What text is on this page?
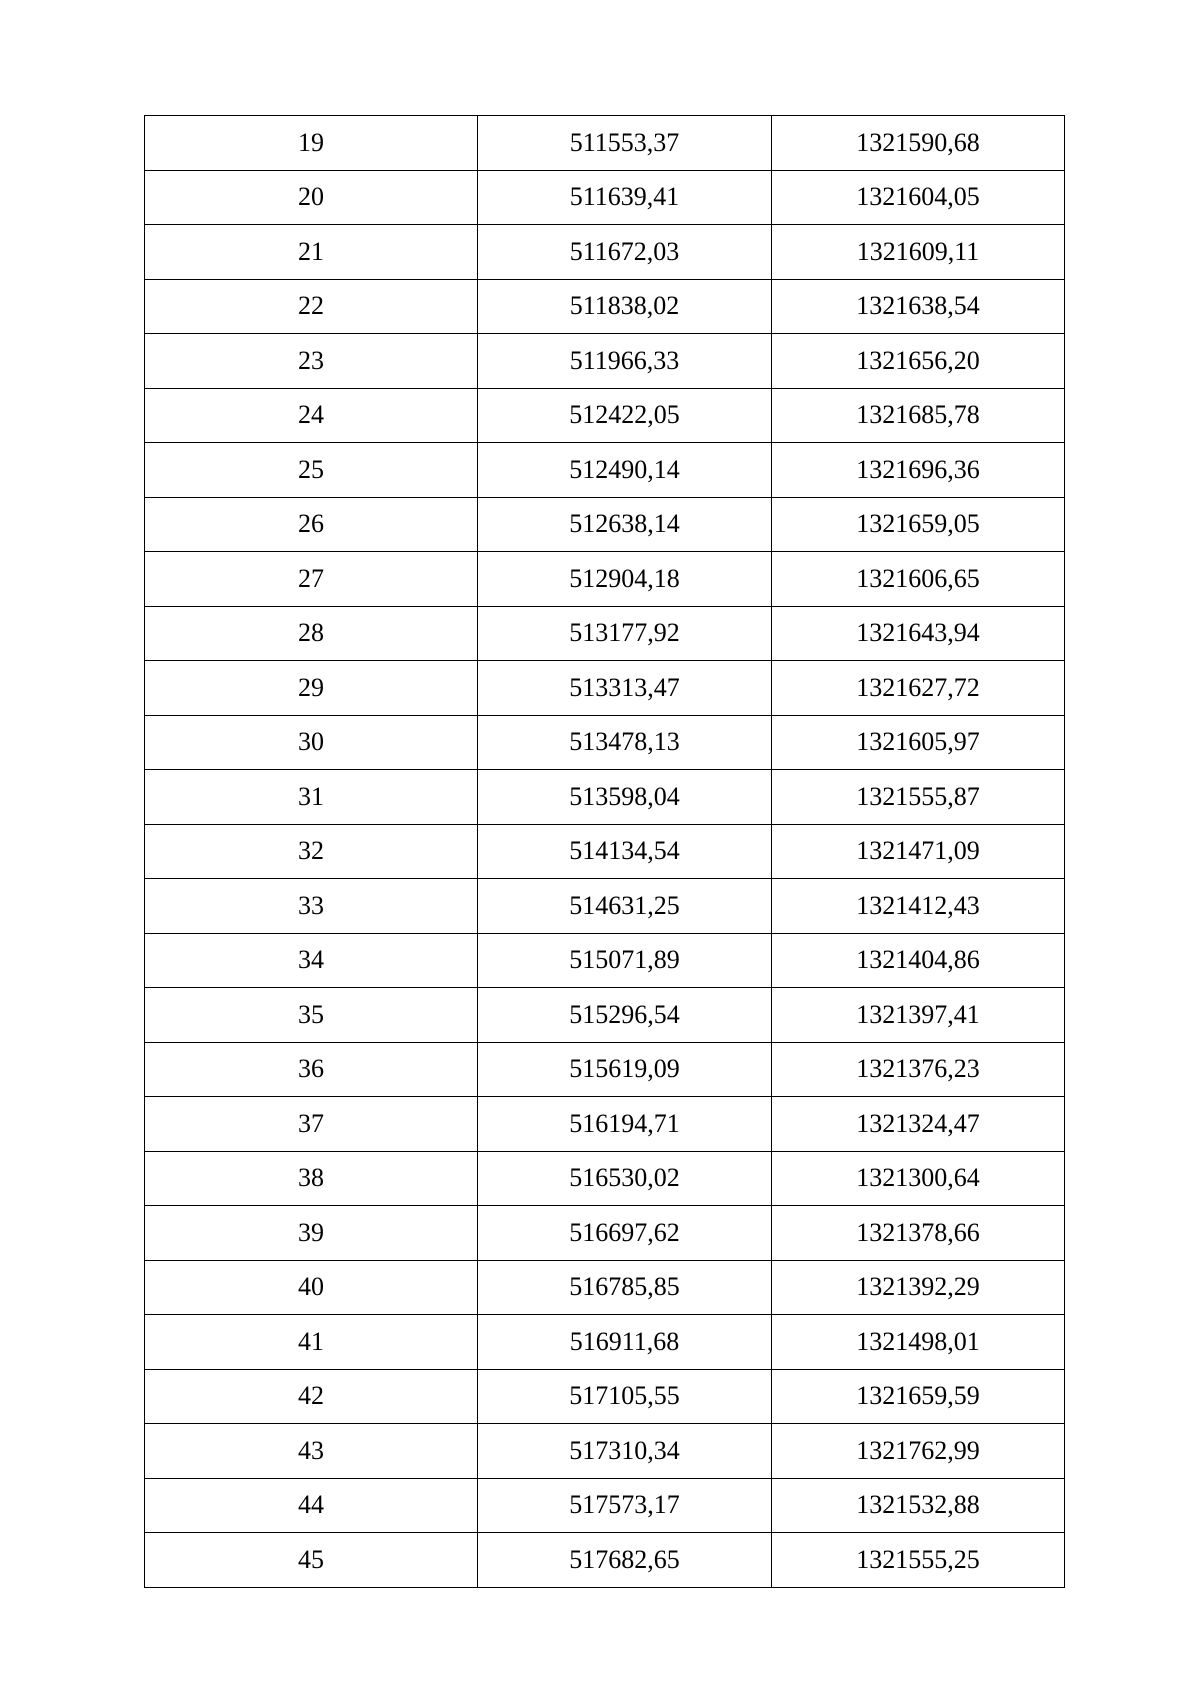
19	511553,37	1321590,68
20	511639,41	1321604,05
21	511672,03	1321609,11
22	511838,02	1321638,54
23	511966,33	1321656,20
24	512422,05	1321685,78
25	512490,14	1321696,36
26	512638,14	1321659,05
27	512904,18	1321606,65
28	513177,92	1321643,94
29	513313,47	1321627,72
30	513478,13	1321605,97
31	513598,04	1321555,87
32	514134,54	1321471,09
33	514631,25	1321412,43
34	515071,89	1321404,86
35	515296,54	1321397,41
36	515619,09	1321376,23
37	516194,71	1321324,47
38	516530,02	1321300,64
39	516697,62	1321378,66
40	516785,85	1321392,29
41	516911,68	1321498,01
42	517105,55	1321659,59
43	517310,34	1321762,99
44	517573,17	1321532,88
45	517682,65	1321555,25
